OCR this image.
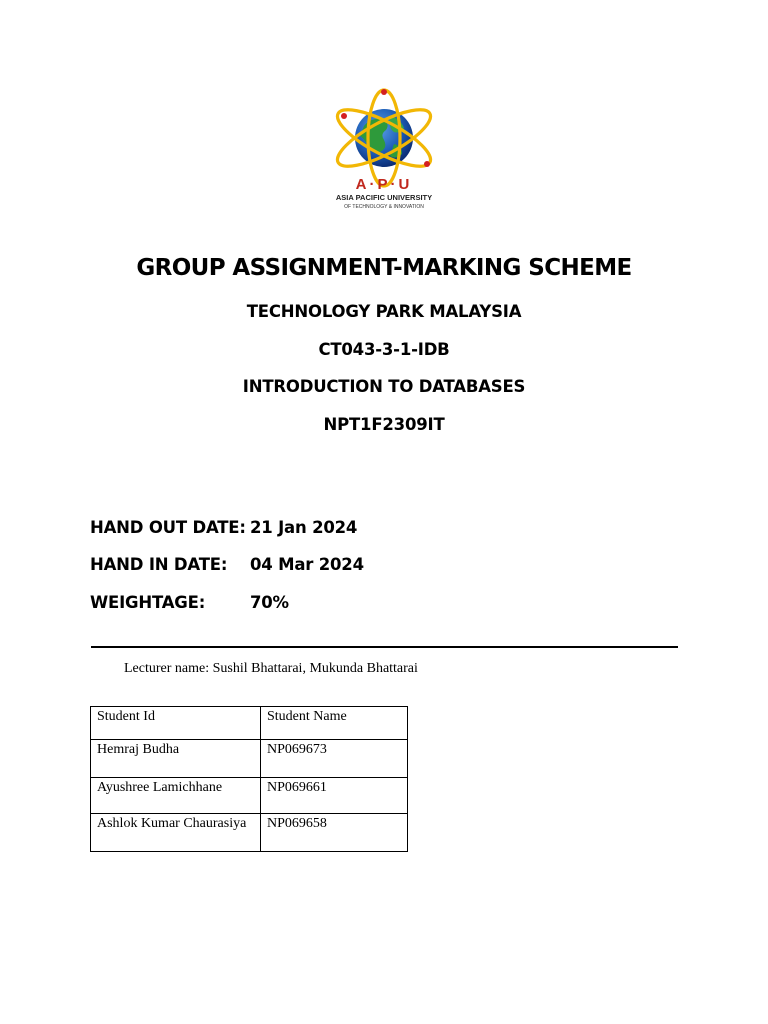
A·P·U
ASIA PACIFIC UNIVERSITY
OF TECHNOLOGY & INNOVATION
GROUP ASSIGNMENT-MARKING SCHEME
TECHNOLOGY PARK MALAYSIA
CT043-3-1-IDB
INTRODUCTION TO DATABASES
NPT1F2309IT
HAND OUT DATE: 21 Jan 2024
HAND IN DATE: 04 Mar 2024
WEIGHTAGE:	70%
Lecturer name: Sushil Bhattarai, Mukunda Bhattarai
Student Id	Student Name
Hemraj Budha	NP069673
Ayushree Lamichhane	NP069661
Ashlok Kumar Chaurasiya	NP069658
